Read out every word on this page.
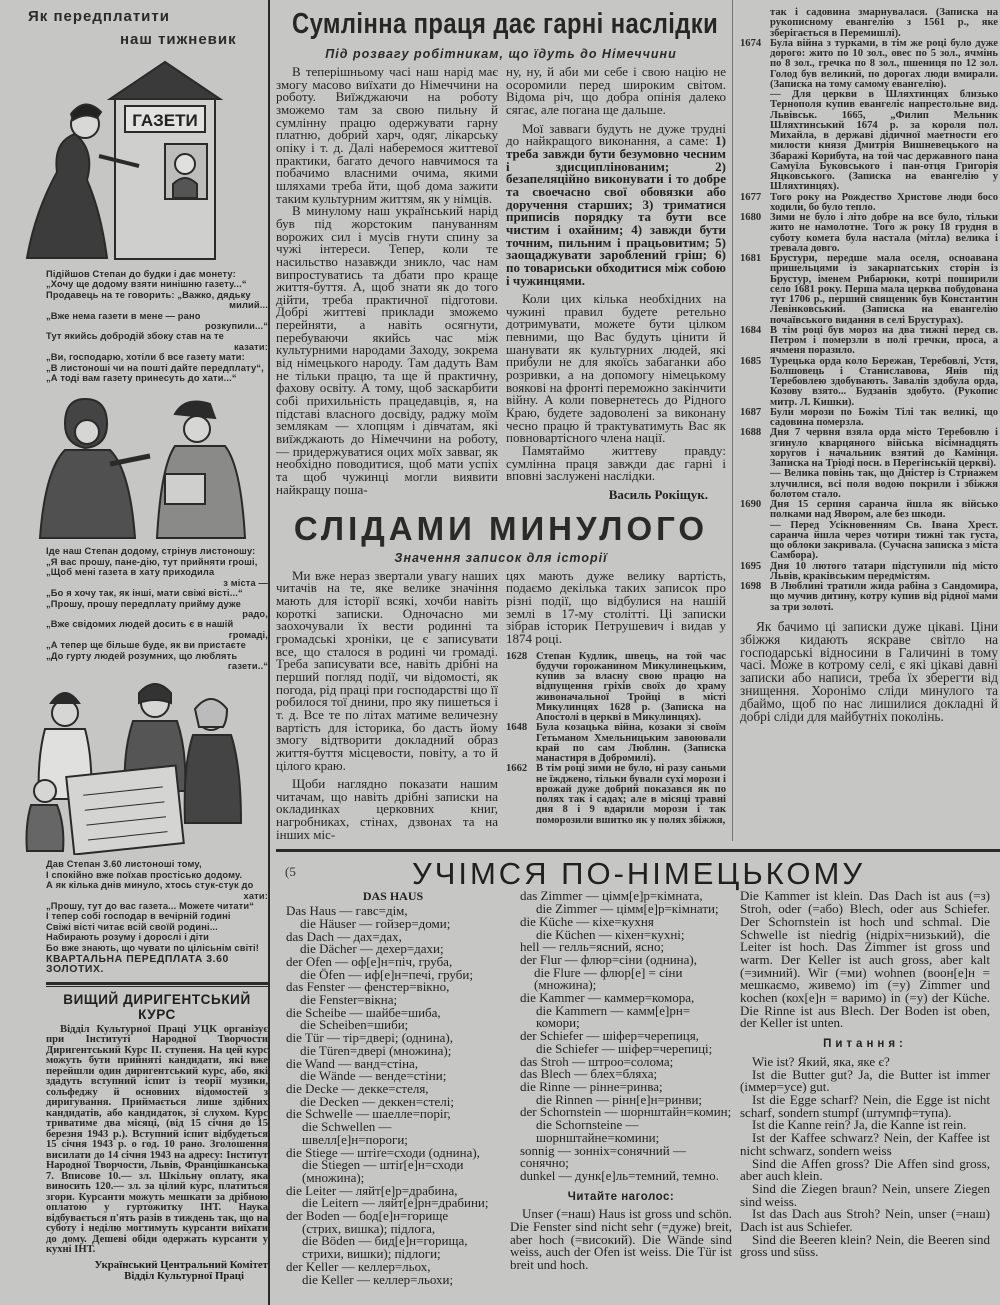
Як передплатити
наш тижневик
ГАЗЕТИ
Підійшов Степан до будки і дає монету:
„Хочу ще додому взяти нинішню газету...“
Продавець на те говорить: „Важко, дядьку
милий...
„Вже нема газети в мене — рано
розкупили...“
Тут якийсь добродій збоку став на те
казати:
„Ви, господарю, хотіли б все газету мати:
„В листоноші чи на пошті дайте передплату“,
„А тоді вам газету принесуть до хати...“
Іде наш Степан додому, стрінув листоношу:
„Я вас прошу, пане-дію, тут прийняти гроші,
„Щоб мені газета в хату приходила
з міста —
„Бо я хочу так, як інші, мати свіжі вісті...“
„Прошу, прошу передплату прийму дуже
радо,
„Вже свідомих людей досить є в нашій
громаді,
„А тепер ще більше буде, як ви пристаєте
„До гурту людей розумних, що люблять
газети..“
Дав Степан 3.60 листоноші тому,
І спокійно вже поїхав простісько додому.
А як кілька днів минуло, хтось стук-стук до
хати:
„Прошу, тут до вас газета... Можете читати“
І тепер собі господар в вечірній годині
Свіжі вісті читає всій своїй родині...
Набирають розуму і дорослі і діти
Бо вже знають, що чувати по цілісьнім світі!
КВАРТАЛЬНА ПЕРЕДПЛАТА 3.60 ЗОЛОТИХ.
ВИЩИЙ ДИРИГЕНТСЬКИЙ КУРС
Відділ Культурної Праці УЦК організує при Інституті Народної Творчости Диригентський Курс II. ступеня. На цей курс можуть бути прийняті кандидати, які вже перейшли один диригентський курс, або, які здадуть вступний іспит із теорії музики, сольфеджу й основних відомостей з диригування. Приймається лише здібних кандидатів, або кандидаток, зі слухом. Курс триватиме два місяці, (від 15 січня до 15 березня 1943 р.). Вступний іспит відбудеться 15 січня 1943 р. о год. 10 рано. Зголошення висилати до 14 січня 1943 на адресу: Інститут Народної Творчости, Львів, Францішканська 7. Вписове 10.— зл. Шкільну оплату, яка виносить 120.— зл. за цілий курс, платиться згори. Курсанти можуть мешкати за дрібною оплатою у гуртожитку ІНТ. Наука відбувається п'ять разів в тиждень так, що на суботу і неділю могтимуть курсанти виїхати до дому. Дешеві обіди одержать курсанти у кухні ІНТ.
Український Центральний Комітет
Відділ Культурної Праці
Сумлінна праця дає гарні наслідки
Під розвагу робітникам, що їдуть до Німеччини

В теперішньому часі наш нарід має змогу масово виїхати до Німеччини на роботу. Виїжджаючи на роботу зможемо там за свою пильну й сумлінну працю одержувати гарну платню, добрий харч, одяг, лікарську опіку і т. д. Далі наберемося життевої практики, багато дечого навчимося та побачимо власними очима, якими шляхами треба йти, щоб дома зажити таким культурним життям, як у німців.

В минулому наш український нарід був під жорстоким пануванням ворожих сил і мусів гнути спину за чужі інтереси. Тепер, коли те насильство назавжди зникло, час нам випростуватись та дбати про краще життя-буття. А, щоб знати як до того дійти, треба практичної підготови. Добрі життеві приклади зможемо перейняти, а навіть осягнути, перебуваючи якийсь час між культурними народами Заходу, зокрема від німецького народу. Там дадуть Вам не тільки працю, та ще й практичну, фахову освіту. А тому, щоб заскарбити собі прихильність працедавців, я, на підставі власного досвіду, раджу моїм землякам — хлопцям і дівчатам, які виїжджають до Німеччини на роботу, — придержуватися оцих моїх завваг, як необхідно поводитися, щоб мати успіх та щоб чужинці могли виявити найкращу поша-

ну, ну, й аби ми себе і свою націю не осоромили перед широким світом. Відома річ, що добра опінія далеко сягає, але погана ще дальше.

Мої завваги будуть не дуже трудні до найкращого виконання, а саме: 1) треба завжди бути безумовно чесним і здисциплінованим; 2) безапеляційно виконувати і то добре та своечасно свої обовязки або доручення старших; 3) триматися приписів порядку та бути все чистим і охайним; 4) завжди бути точним, пильним і працьовитим; 5) заощаджувати зароблений гріш; 6) по товариськи обходитися між собою і чужинцями.

Коли цих кілька необхідних на чужині правил будете ретельно дотримувати, можете бути цілком певними, що Вас будуть цінити й шанувати як культурних людей, які прибули не для якоїсь забаганки або розривки, а на допомогу німецькому воякові на фронті переможно закінчити війну. А коли повернетесь до Рідного Краю, будете задоволені за виконану чесно працю й трактуватимуть Вас як повновартісного члена нації.

Памятаймо життеву правду: сумлінна праця завжди дає гарні і вповні заслужені наслідки.

Василь Рокіщук.
СЛІДАМИ МИНУЛОГО
Значення записок для історії

Ми вже нераз звертали увагу наших читачів на те, яке велике значіння мають для історії всякі, хочби навіть короткі записки. Одночасно ми заохочували їх вести родинні та громадські хроніки, це є записувати все, що сталося в родині чи громаді. Треба записувати все, навіть дрібні на перший погляд події, чи відомості, як погода, рід праці при господарстві що її робилося тої днини, про яку пишеться і т. д. Все те по літах матиме величезну вартість для історика, бо дасть йому змогу відтворити докладний образ життя-буття місцевости, повіту, а то й цілого краю.

Щоби наглядно показати нашим читачам, що навіть дрібні записки на окладинках церковних книг, нагробниках, стінах, дзвонах та на інших міс-

цях мають дуже велику вартість, подаємо декілька таких записок про різні події, що відбулися на нашій землі в 17-му столітті. Ці записки зібрав історик Петрушевич і видав у 1874 році.

1628 Степан Кудлик, швець, на той час будучи горожанином Микулинецьким, купив за власну свою працю на відпущення гріхів своїх до храму живоначальної Тройці в місті Микулинцях 1628 р. (Записка на Апостолі в церкві в Микулинцях).
1648 Була козацька війна, козаки зі своїм Гетьманом Хмельницьким завоювали край по сам Люблин. (Записка манастиря в Добромилі).
1662 В тім році зими не було, ні разу саньми не їжджено, тільки бували сухі морози і врожай дуже добрий показався як по полях так і садах; але в місяці травні дня 8 і 9 вдарили морози і так поморозили вшитко як у полях збіжжя,
так і садовина змарнувалася. (Записка на рукописному евангелію з 1561 р., яке зберігається в Перемишлі).
1674 Була війна з турками, в тім же році було дуже дорого: жито по 10 зол., овес по 5 зол., ячмінь по 8 зол., гречка по 8 зол., пшениця по 12 зол. Голод був великий, по дорогах люди вмирали. (Записка на тому самому евангелію).
— Для церкви в Шляхтинцях близько Тернополя купив евангеліє напрестольне вид. Львівськ. 1665, „Филип Мельник Шляхтинський 1674 р. за короля пол. Михайла, в державі дідичної маетности его милости князя Дмитрія Вишневецького на Збаражі Корибута, на той час державного пана Самуїла Буковського і пан-отця Григорія Яцковського. (Записка на евангелію у Шляхтинцях).
1677 Того року на Рождество Христове люди босо ходили, бо було тепло.
1680 Зими не було і літо добре на все було, тільки жито не намолотне. Того ж року 18 грудня в суботу комета була настала (мітла) велика і тревала довго.
1681 Брустури, передше мала оселя, осноавана пришельцями із закарпатських сторін із Брустур, іменем Рибарюки, котрі поширили село 1681 року. Перша мала церква побудована тут 1706 р., перший священик був Константин Левінковський. (Записка на евангелію почаївського видання в селі Брустурах).
1684 В тім році був мороз на два тижні перед св. Петром і померзли в полі гречки, проса, а ячменя поразило.
1685 Турецька орда коло Бережан, Теребовлі, Устя, Болшовець і Станиславова, Янів під Теребовлею здобувають. Завалів здобула орда, Козову взято... Будзанів здобуто. (Рукопис митр. Л. Кишки).
1687 Були морози по Божім Тілі так великі, що садовина померзла.
1688 Дня 7 червня взяла орда місто Теребовлю і згинуло кварцяного війська вісімнадцять хоругов і начальник взятий до Камінця. Записка на Тріоді посн. в Перегінській церкві).
— Велика повінь так, що Дністер із Стриажем злучилися, всі поля водою покрили і збіжжя болотом стало.
1690 Дня 15 серпня саранча йшла як військо полками над Явором, але без шкоди.
— Перед Усікновенням Св. Івана Хрест. саранча йшла через чотири тижні так густа, що облоки закривала. (Сучасна записка з міста Самбора).
1695 Дня 10 лютого татари підступили під місто Львів, краківським передмістям.
1698 В Люблині тратили жида рабіна з Сандомира, що мучив дитину, котру купив від рідної мами за три золоті.

Як бачимо ці записки дуже цікаві. Ціни збіжжя кидають яскраве світло на господарські відносини в Галичині в тому часі. Може в котрому селі, є які цікаві давні записки або написи, треба їх зберегти від знищення. Хоронімо сліди минулого та дбаймо, щоб по нас лишилися докладні й добрі сліди для майбутніх поколінь.

(5	УЧІМСЯ ПО-НІМЕЦЬКОМУ
DAS HAUS
Das Haus — гавс=дім,
die Häuser — гойзер=доми;
das Dach — дах=дах,
die Dächer — дехер=дахи;
der Ofen — оф[е]н=піч, груба,
die Öfen — иф[е]н=печі, груби;
das Fenster — фенстер=вікно,
die Fenster=вікна;
die Scheibe — шайбе=шиба,
die Scheiben=шиби;
die Tür — тір=двері; (однина),
die Türen=двері (множина);
die Wand — ванд=стіна,
die Wände — венде=стіни;
die Decke — декке=стеля,
die Decken — деккен=стелі;
die Schwelle — шаелле=поріг,
die Schwellen — швелл[е]н=пороги;
die Stiege — штіґе=сходи (однина),
die Stiegen — штіґ[е]н=сходи (множина);
die Leiter — ляйт[е]р=драбина,
die Leitern — ляйт[е]рн=драбини;
der Boden — бод[е]н=горище
(стрих, вишка); підлога,
die Böden — бид[е]н=горища, стрихи, вишки); підлоги;
der Keller — келлер=льох,
die Keller — келлер=льохи;
das Zimmer — цімм[е]р=кімната,
die Zimmer — цімм[е]р=кімнати;
die Küche — кіхе=кухня
die Küchen — кіхен=кухні;
hell — гелль=ясний, ясно;
der Flur — флюр=сіни (однина),
die Flure — флюр[е] = сіни (множина);
die Kammer — каммер=комора,
die Kammern — камм[е]рн= комори;
der Schiefer — шіфер=черепиця,
die Schiefer — шіфер=черепиці;
das Stroh — штроо=солома;
das Blech — блех=бляха;
die Rinne — рінне=ринва;
die Rinnen — рінн[е]н=ринви;
der Schornstein — шорнштайн=комин;
die Schornsteine — шорнштайне=комини;
sonnig — зонніх=сонячний — сонячно;
dunkel — дунк[е]ль=темний, темно.
Читайте наголос:

Unser (=наш) Haus ist gross und schön. Die Fenster sind nicht sehr (=дуже) breit, aber hoch (=високий). Die Wände sind weiss, auch der Ofen ist weiss. Die Tür ist breit und hoch.

Die Kammer ist klein. Das Dach ist aus (=з) Stroh, oder (=або) Blech, oder aus Schiefer. Der Schornstein ist hoch und schmal. Die Schwelle ist niedrig (нідріх=низький), die Leiter ist hoch. Das Zimmer ist gross und warm. Der Keller ist auch gross, aber kalt (=зимний). Wir (=ми) wohnen (воон[е]н = мешкаємо, живемо) im (=у) Zimmer und kochen (кох[е]н = варимо) in (=у) der Küche. Die Rinne ist aus Blech. Der Boden ist oben, der Keller ist unten.

Питання:

Wie ist? Який, яка, яке є?

Ist die Butter gut? Ja, die Butter ist immer (іммер=усе) gut.

Ist die Egge scharf? Nein, die Egge ist nicht scharf, sondern stumpf (штумпф=тупа).

Ist die Kanne rein? Ja, die Kanne ist rein.

Ist der Kaffee schwarz? Nein, der Kaffee ist nicht schwarz, sondern weiss

Sind die Affen gross? Die Affen sind gross, aber auch klein.

Sind die Ziegen braun? Nein, unsere Ziegen sind weiss.

Ist das Dach aus Stroh? Nein, unser (=наш) Dach ist aus Schiefer.

Sind die Beeren klein? Nein, die Beeren sind gross und süss.
